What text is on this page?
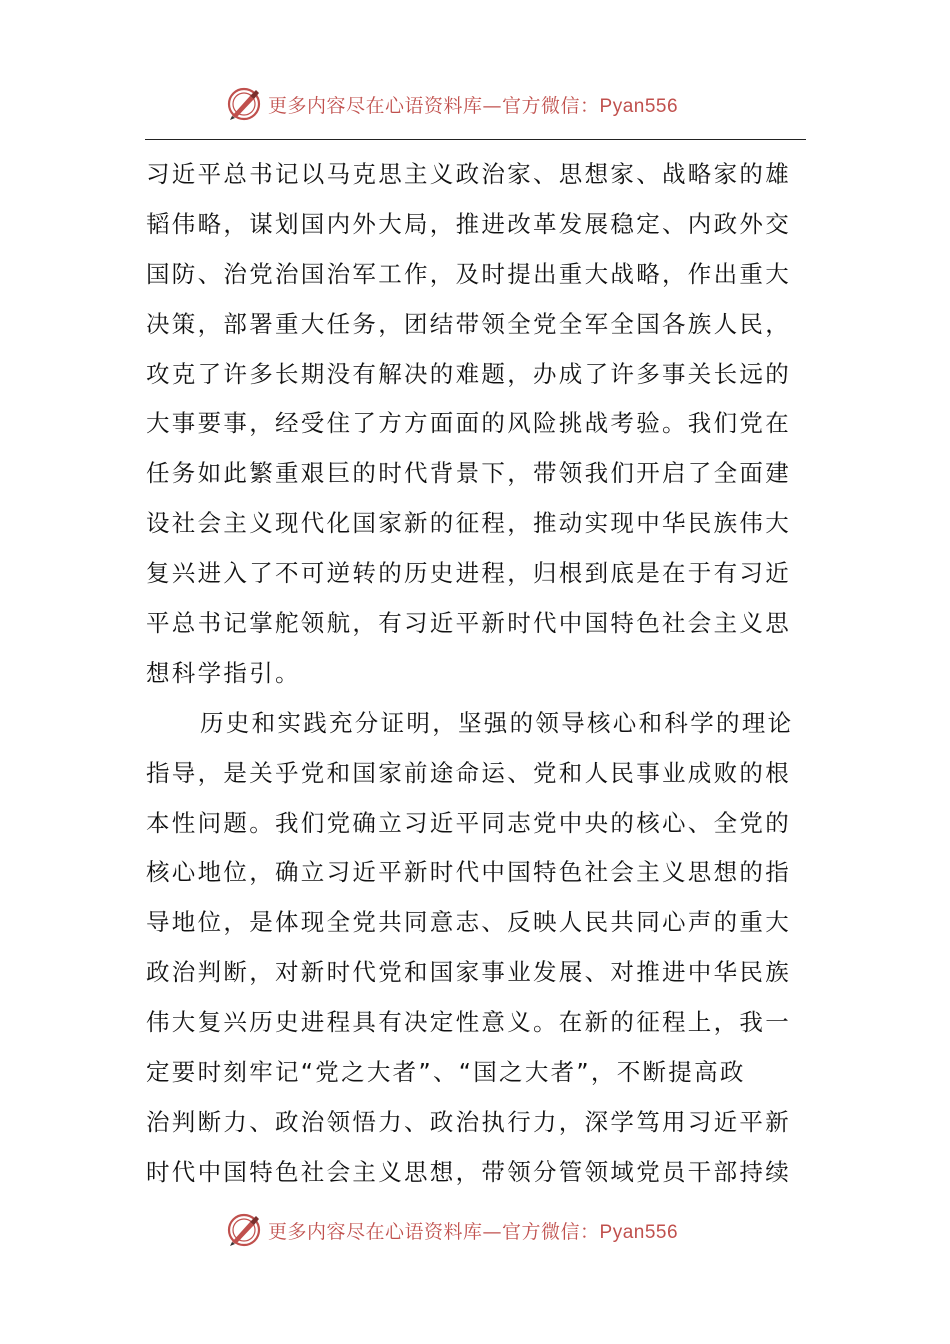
更多内容尽在心语资料库—官方微信：Pyan556
习近平总书记以马克思主义政治家、思想家、战略家的雄
韬伟略，谋划国内外大局，推进改革发展稳定、内政外交
国防、治党治国治军工作，及时提出重大战略，作出重大
决策，部署重大任务，团结带领全党全军全国各族人民，
攻克了许多长期没有解决的难题，办成了许多事关长远的
大事要事，经受住了方方面面的风险挑战考验。我们党在
任务如此繁重艰巨的时代背景下，带领我们开启了全面建
设社会主义现代化国家新的征程，推动实现中华民族伟大
复兴进入了不可逆转的历史进程，归根到底是在于有习近
平总书记掌舵领航，有习近平新时代中国特色社会主义思
想科学指引。
历史和实践充分证明，坚强的领导核心和科学的理论
指导，是关乎党和国家前途命运、党和人民事业成败的根
本性问题。我们党确立习近平同志党中央的核心、全党的
核心地位，确立习近平新时代中国特色社会主义思想的指
导地位，是体现全党共同意志、反映人民共同心声的重大
政治判断，对新时代党和国家事业发展、对推进中华民族
伟大复兴历史进程具有决定性意义。在新的征程上，我一
定要时刻牢记“党之大者”、“国之大者”，不断提高政
治判断力、政治领悟力、政治执行力，深学笃用习近平新
时代中国特色社会主义思想，带领分管领域党员干部持续
更多内容尽在心语资料库—官方微信：Pyan556
